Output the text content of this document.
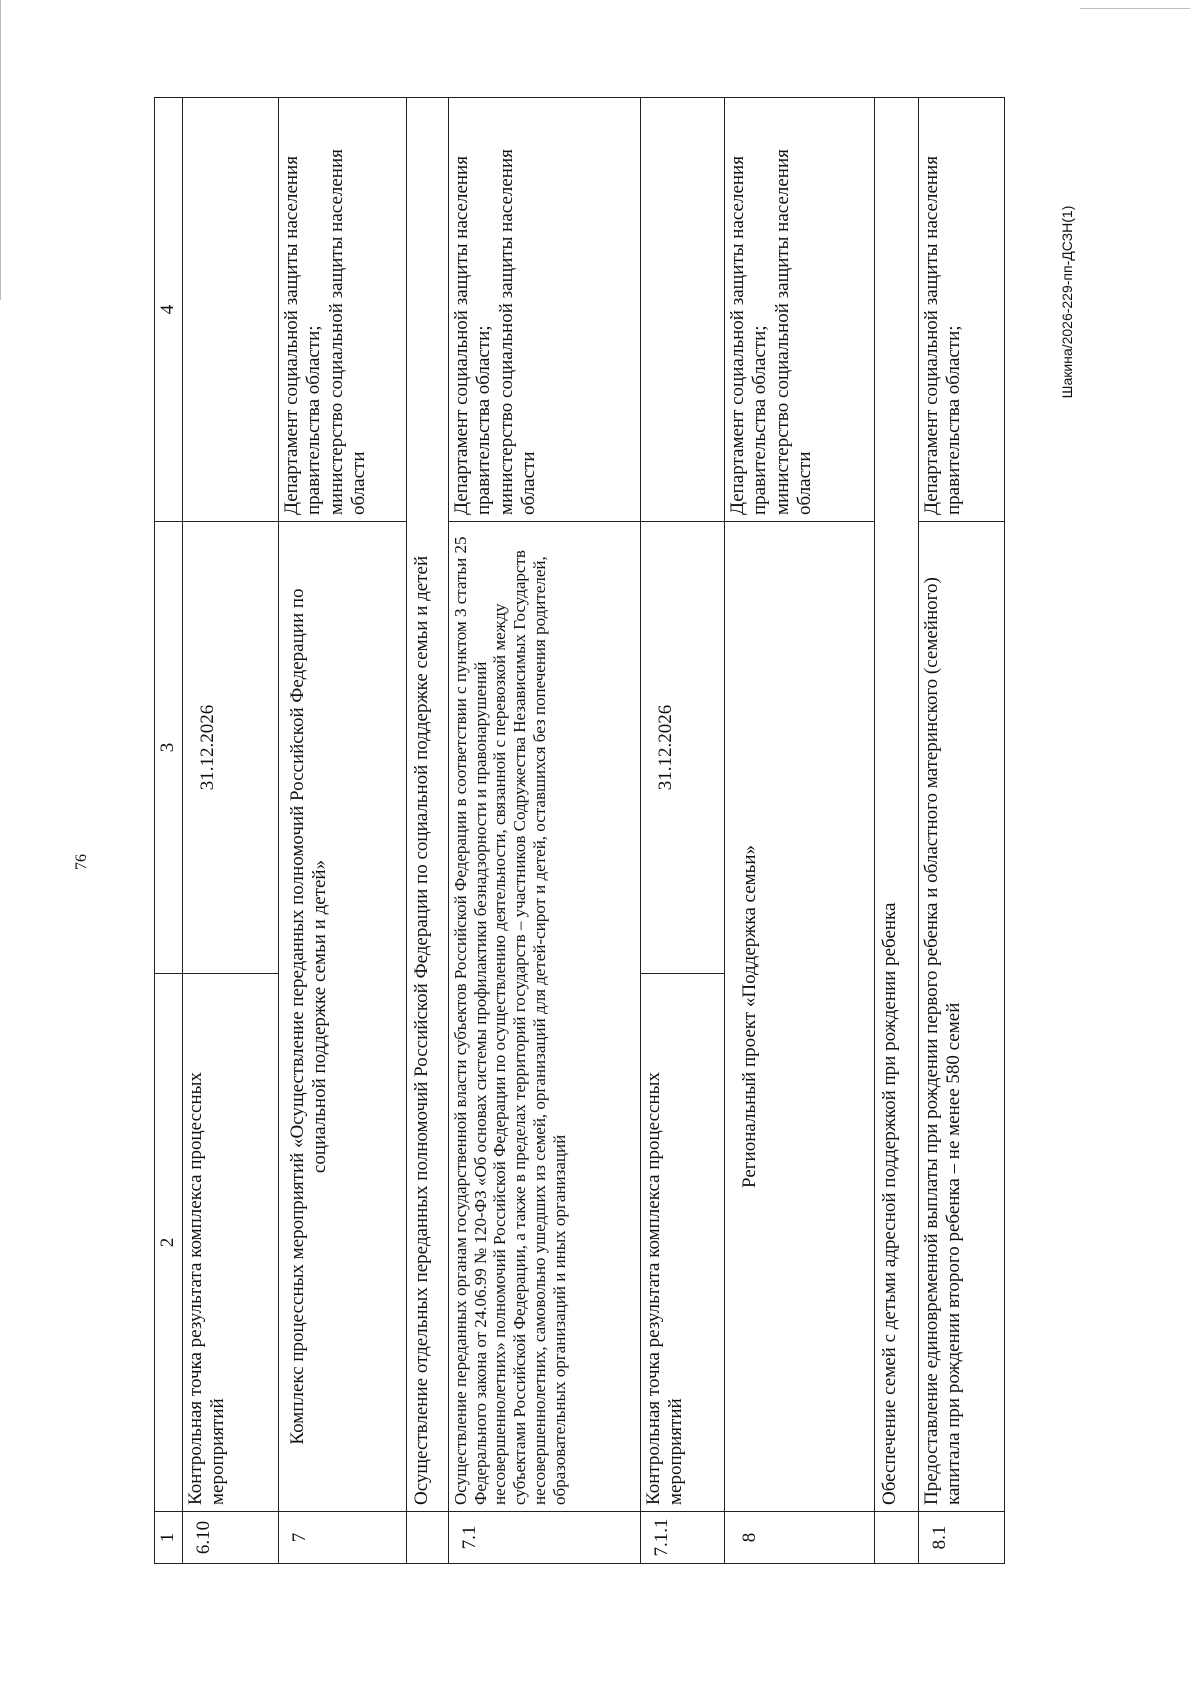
76
Шакина/2026-229-пп-ДСЗН(1)
1	2	3	4
6.10	Контрольная точка результата комплекса процессных мероприятий	31.12.2026	
7	Комплекс процессных мероприятий «Осуществление переданных полномочий Российской Федерации по социальной поддержке семьи и детей»		Департамент социальной защиты населения правительства области;
министерство социальной защиты населения области
	Осуществление отдельных переданных полномочий Российской Федерации по социальной поддержке семьи и детей		
7.1	Осуществление переданных органам государственной власти субъектов Российской Федерации в соответствии с пунктом 3 статьи 25 Федерального закона от 24.06.99 № 120-ФЗ «Об основах системы профилактики безнадзорности и правонарушений несовершеннолетних» полномочий Российской Федерации по осуществлению деятельности, связанной с перевозкой между субъектами Российской Федерации, а также в пределах территорий государств – участников Содружества Независимых Государств несовершеннолетних, самовольно ушедших из семей, организаций для детей-сирот и детей, оставшихся без попечения родителей, образовательных организаций и иных организаций		Департамент социальной защиты населения правительства области;
министерство социальной защиты населения области
7.1.1	Контрольная точка результата комплекса процессных мероприятий	31.12.2026	
8	Региональный проект «Поддержка семьи»		Департамент социальной защиты населения правительства области;
министерство социальной защиты населения области
	Обеспечение семей с детьми адресной поддержкой при рождении ребенка		
8.1	Предоставление единовременной выплаты при рождении первого ребенка и областного материнского (семейного) капитала при рождении второго ребенка – не менее 580 семей		Департамент социальной защиты населения правительства области;
